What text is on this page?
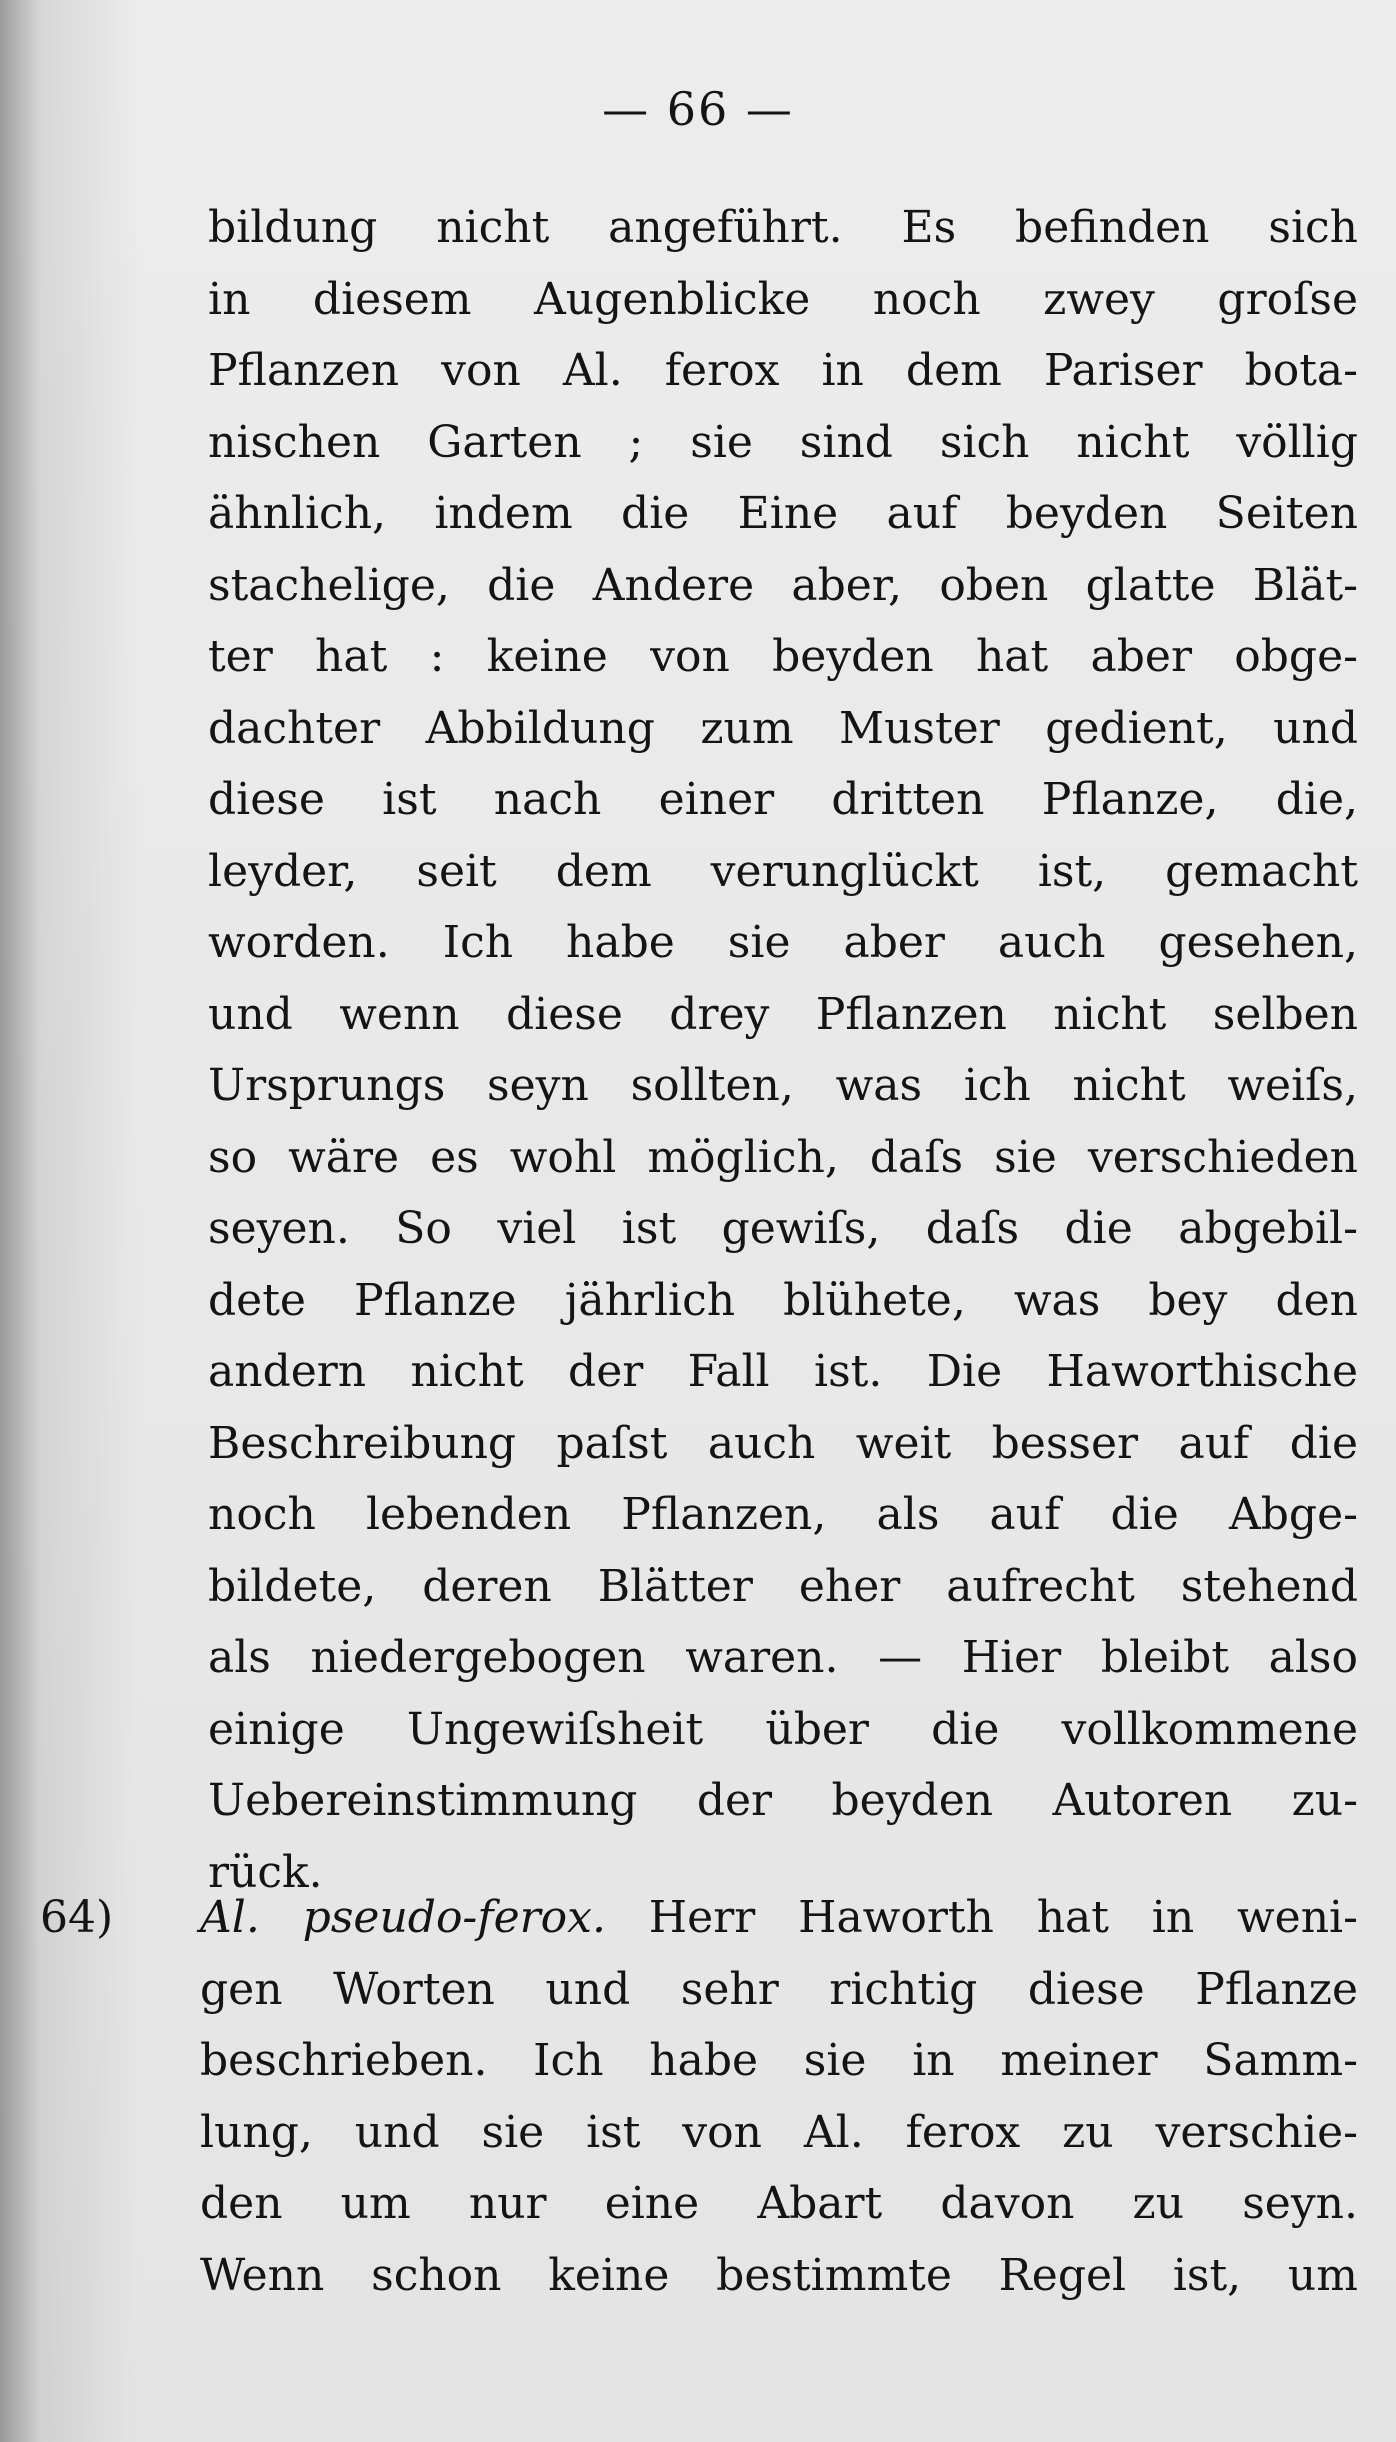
— 66 —
bildung nicht angeführt. Es befinden sich
in diesem Augenblicke noch zwey groſse
Pflanzen von Al. ferox in dem Pariser bota-
nischen Garten ; sie sind sich nicht völlig
ähnlich, indem die Eine auf beyden Seiten
stachelige, die Andere aber, oben glatte Blät-
ter hat : keine von beyden hat aber obge-
dachter Abbildung zum Muster gedient, und
diese ist nach einer dritten Pflanze, die,
leyder, seit dem verunglückt ist, gemacht
worden. Ich habe sie aber auch gesehen,
und wenn diese drey Pflanzen nicht selben
Ursprungs seyn sollten, was ich nicht weiſs,
so wäre es wohl möglich, daſs sie verschieden
seyen. So viel ist gewiſs, daſs die abgebil-
dete Pflanze jährlich blühete, was bey den
andern nicht der Fall ist. Die Haworthische
Beschreibung paſst auch weit besser auf die
noch lebenden Pflanzen, als auf die Abge-
bildete, deren Blätter eher aufrecht stehend
als niedergebogen waren. — Hier bleibt also
einige Ungewiſsheit über die vollkommene
Uebereinstimmung der beyden Autoren zu-
rück.
64) Al. pseudo-ferox. Herr Haworth hat in weni-
gen Worten und sehr richtig diese Pflanze
beschrieben. Ich habe sie in meiner Samm-
lung, und sie ist von Al. ferox zu verschie-
den um nur eine Abart davon zu seyn.
Wenn schon keine bestimmte Regel ist, um
